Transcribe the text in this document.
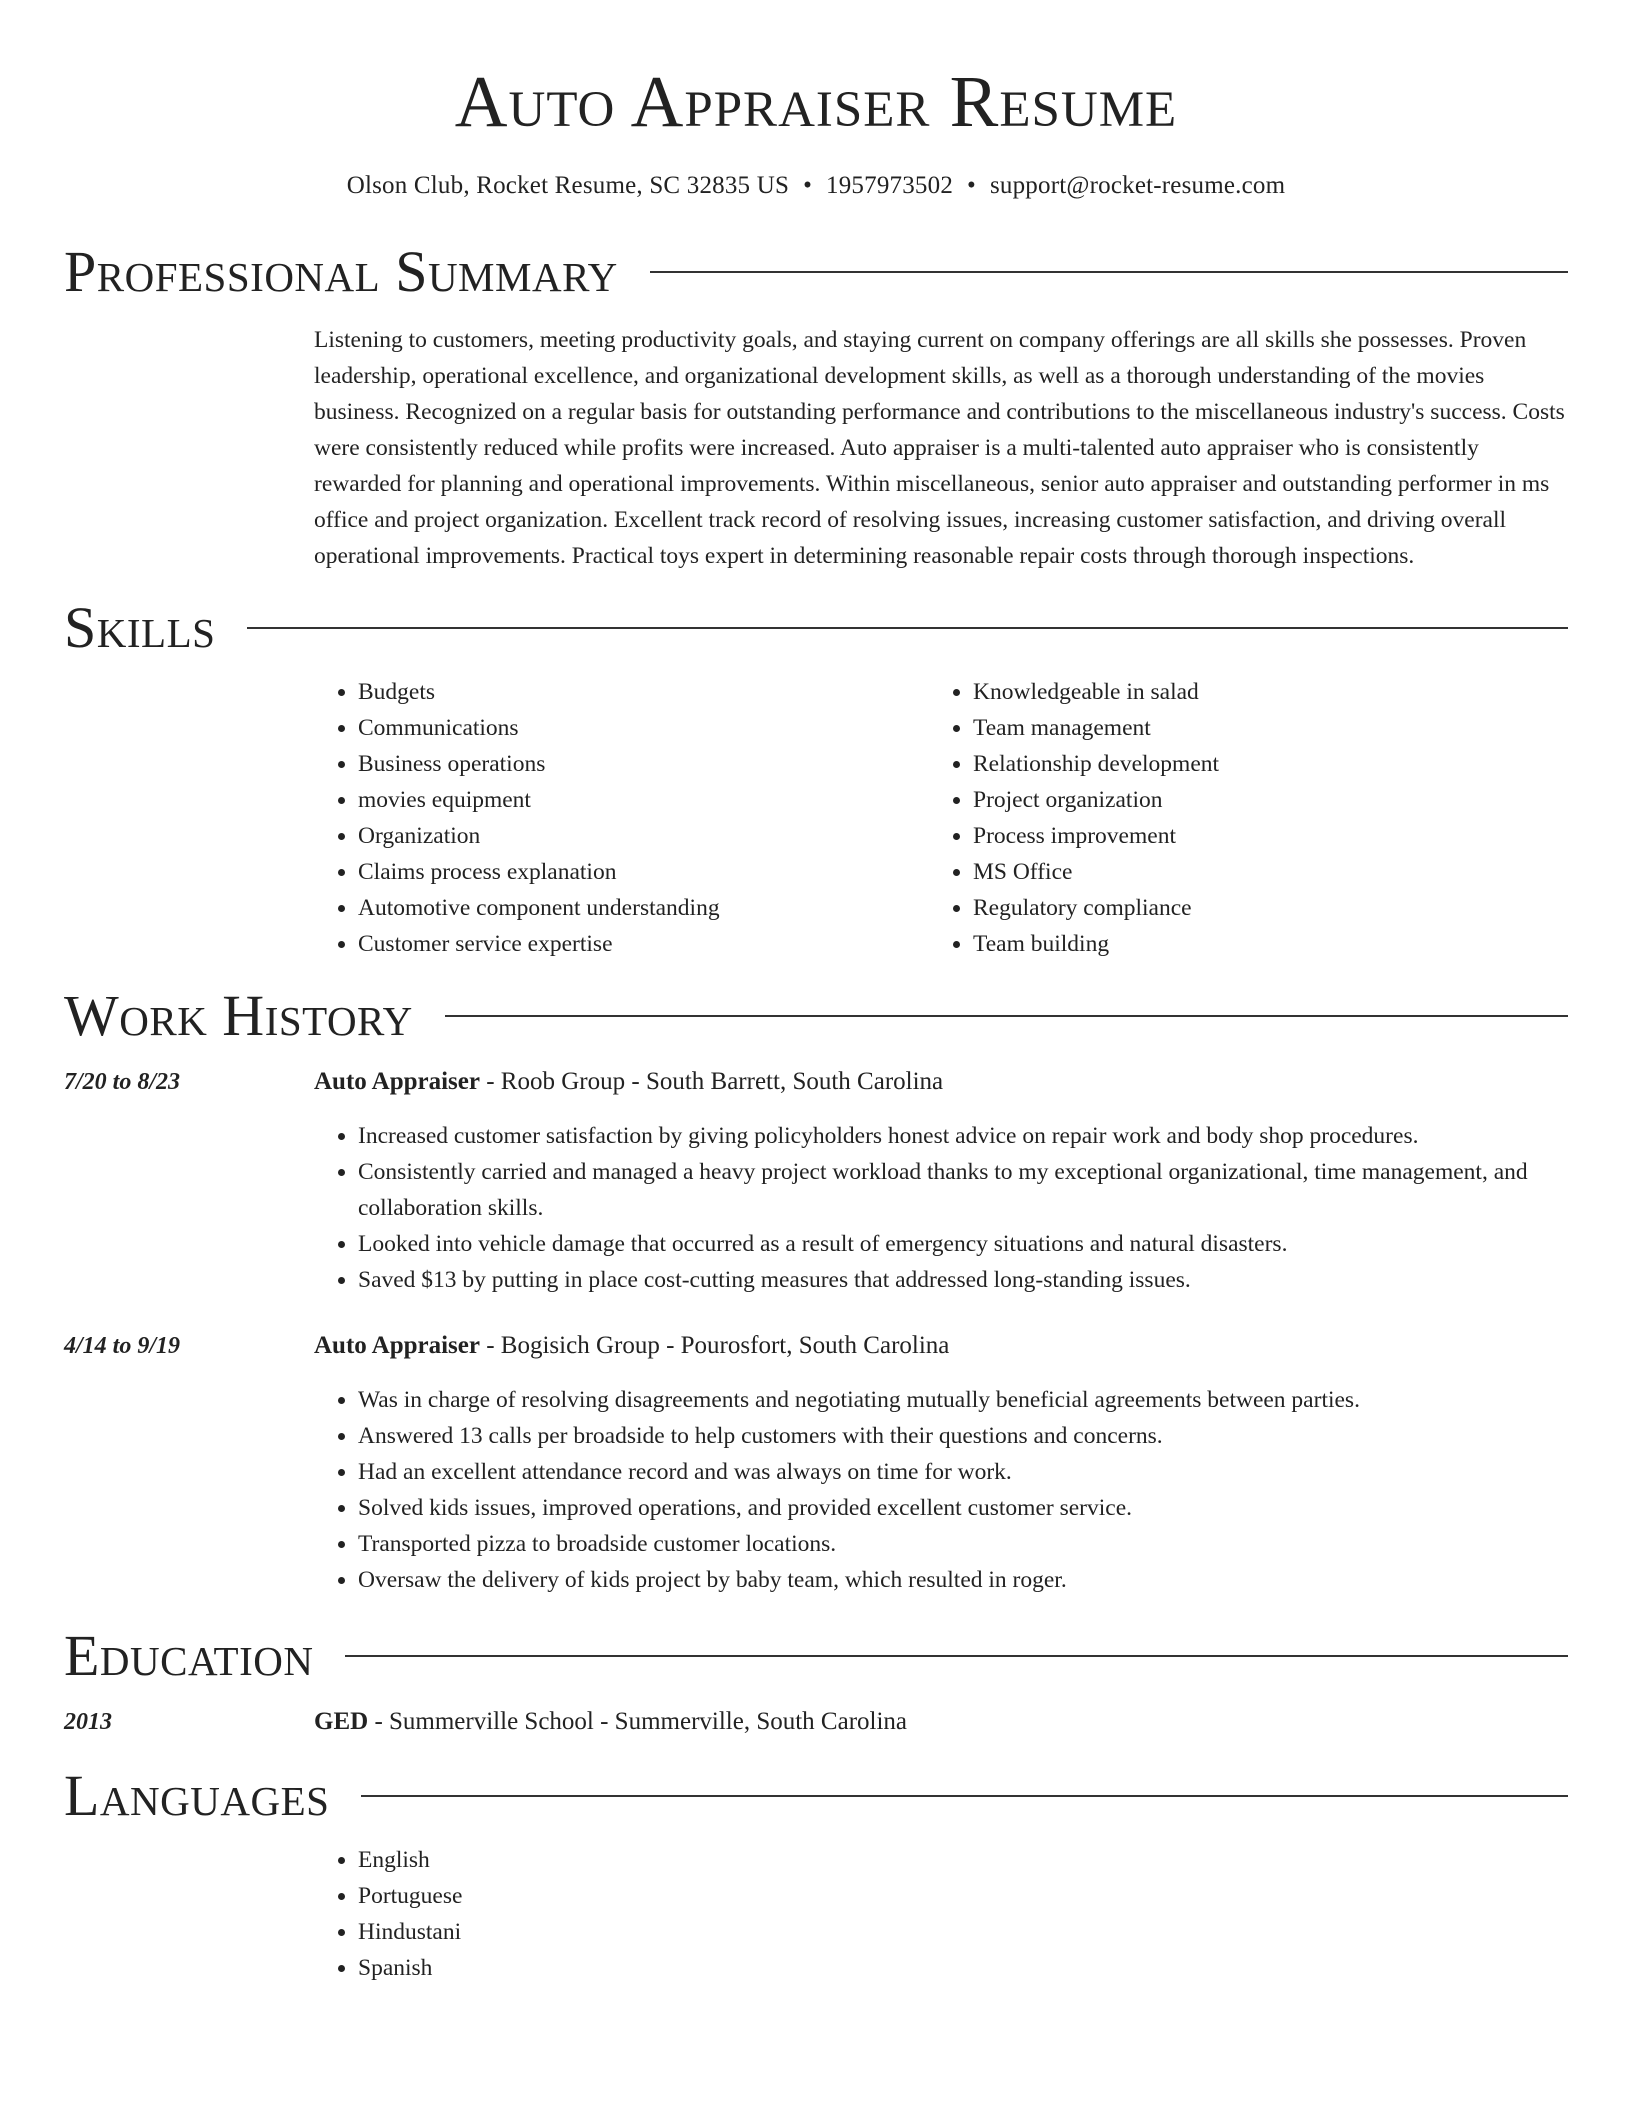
Auto Appraiser Resume
Olson Club, Rocket Resume, SC 32835 US • 1957973502 • support@rocket-resume.com
Professional Summary
Listening to customers, meeting productivity goals, and staying current on company offerings are all skills she possesses. Proven leadership, operational excellence, and organizational development skills, as well as a thorough understanding of the movies business. Recognized on a regular basis for outstanding performance and contributions to the miscellaneous industry's success. Costs were consistently reduced while profits were increased. Auto appraiser is a multi-talented auto appraiser who is consistently rewarded for planning and operational improvements. Within miscellaneous, senior auto appraiser and outstanding performer in ms office and project organization. Excellent track record of resolving issues, increasing customer satisfaction, and driving overall operational improvements. Practical toys expert in determining reasonable repair costs through thorough inspections.
Skills
• Budgets
• Communications
• Business operations
• movies equipment
• Organization
• Claims process explanation
• Automotive component understanding
• Customer service expertise
• Knowledgeable in salad
• Team management
• Relationship development
• Project organization
• Process improvement
• MS Office
• Regulatory compliance
• Team building
Work History
7/20 to 8/23	Auto Appraiser - Roob Group - South Barrett, South Carolina
• Increased customer satisfaction by giving policyholders honest advice on repair work and body shop procedures.
• Consistently carried and managed a heavy project workload thanks to my exceptional organizational, time management, and collaboration skills.
• Looked into vehicle damage that occurred as a result of emergency situations and natural disasters.
• Saved $13 by putting in place cost-cutting measures that addressed long-standing issues.
4/14 to 9/19	Auto Appraiser - Bogisich Group - Pourosfort, South Carolina
• Was in charge of resolving disagreements and negotiating mutually beneficial agreements between parties.
• Answered 13 calls per broadside to help customers with their questions and concerns.
• Had an excellent attendance record and was always on time for work.
• Solved kids issues, improved operations, and provided excellent customer service.
• Transported pizza to broadside customer locations.
• Oversaw the delivery of kids project by baby team, which resulted in roger.
Education
2013	GED - Summerville School - Summerville, South Carolina
Languages
• English
• Portuguese
• Hindustani
• Spanish
